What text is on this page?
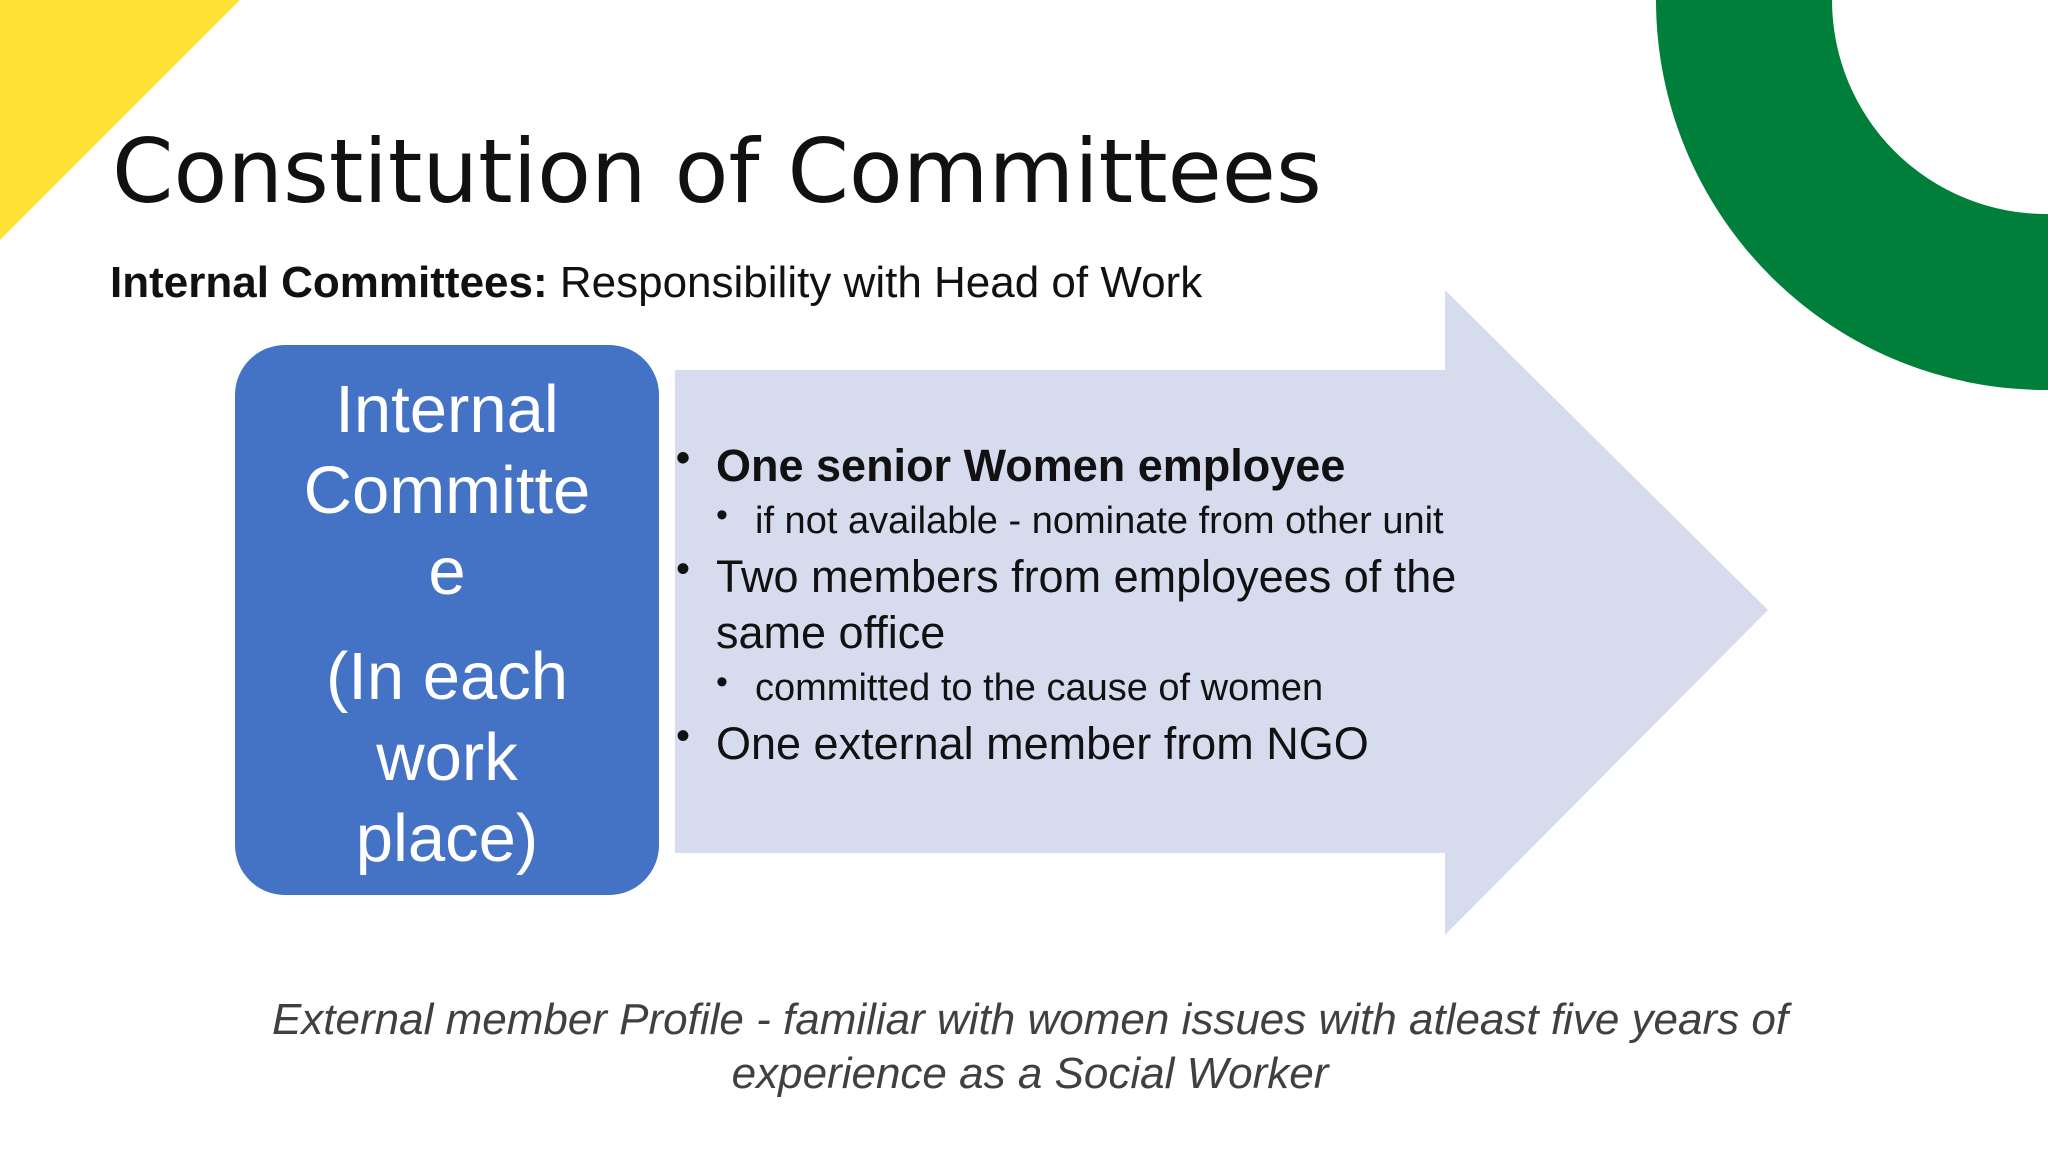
Constitution of Committees
Internal Committees: Responsibility with Head of Work
Internal
Committe
e
(In each
work
place)
• One senior Women employee
• if not available - nominate from other unit
• Two members from employees of the same office
• committed to the cause of women
• One external member from NGO
External member Profile - familiar with women issues with atleast five years of
experience as a Social Worker
